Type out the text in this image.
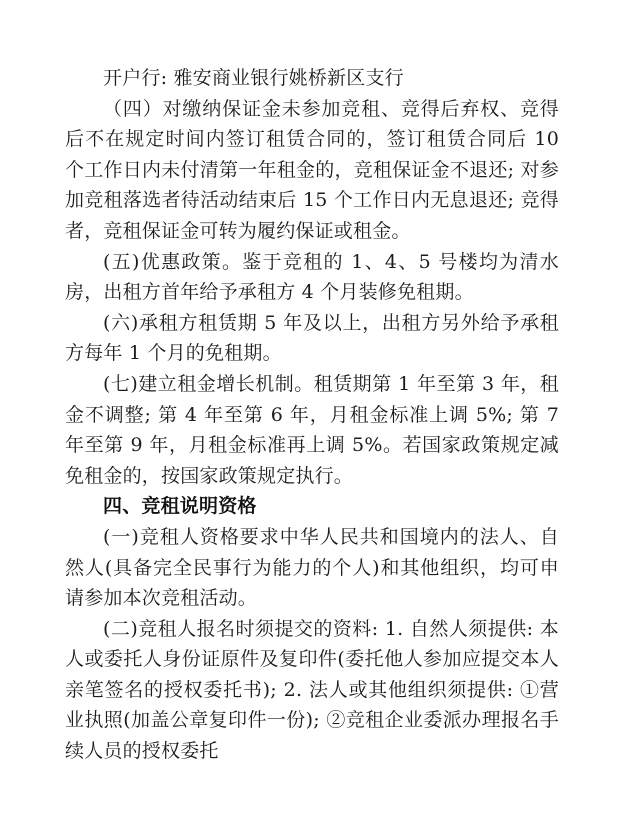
开户行: 雅安商业银行姚桥新区支行

（四）对缴纳保证金未参加竞租、竞得后弃权、竞得后不在规定时间内签订租赁合同的，签订租赁合同后 10 个工作日内未付清第一年租金的，竞租保证金不退还; 对参加竞租落选者待活动结束后 15 个工作日内无息退还; 竞得者，竞租保证金可转为履约保证或租金。

(五)优惠政策。鉴于竞租的 1、4、5 号楼均为清水房，出租方首年给予承租方 4 个月装修免租期。

(六)承租方租赁期 5 年及以上，出租方另外给予承租方每年 1 个月的免租期。

(七)建立租金增长机制。租赁期第 1 年至第 3 年，租金不调整; 第 4 年至第 6 年，月租金标准上调 5%; 第 7 年至第 9 年，月租金标准再上调 5%。若国家政策规定减免租金的，按国家政策规定执行。

四、竞租说明资格

(一)竞租人资格要求中华人民共和国境内的法人、自然人(具备完全民事行为能力的个人)和其他组织，均可申请参加本次竞租活动。

(二)竞租人报名时须提交的资料: 1. 自然人须提供: 本人或委托人身份证原件及复印件(委托他人参加应提交本人亲笔签名的授权委托书); 2. 法人或其他组织须提供: ①营业执照(加盖公章复印件一份); ②竞租企业委派办理报名手续人员的授权委托
